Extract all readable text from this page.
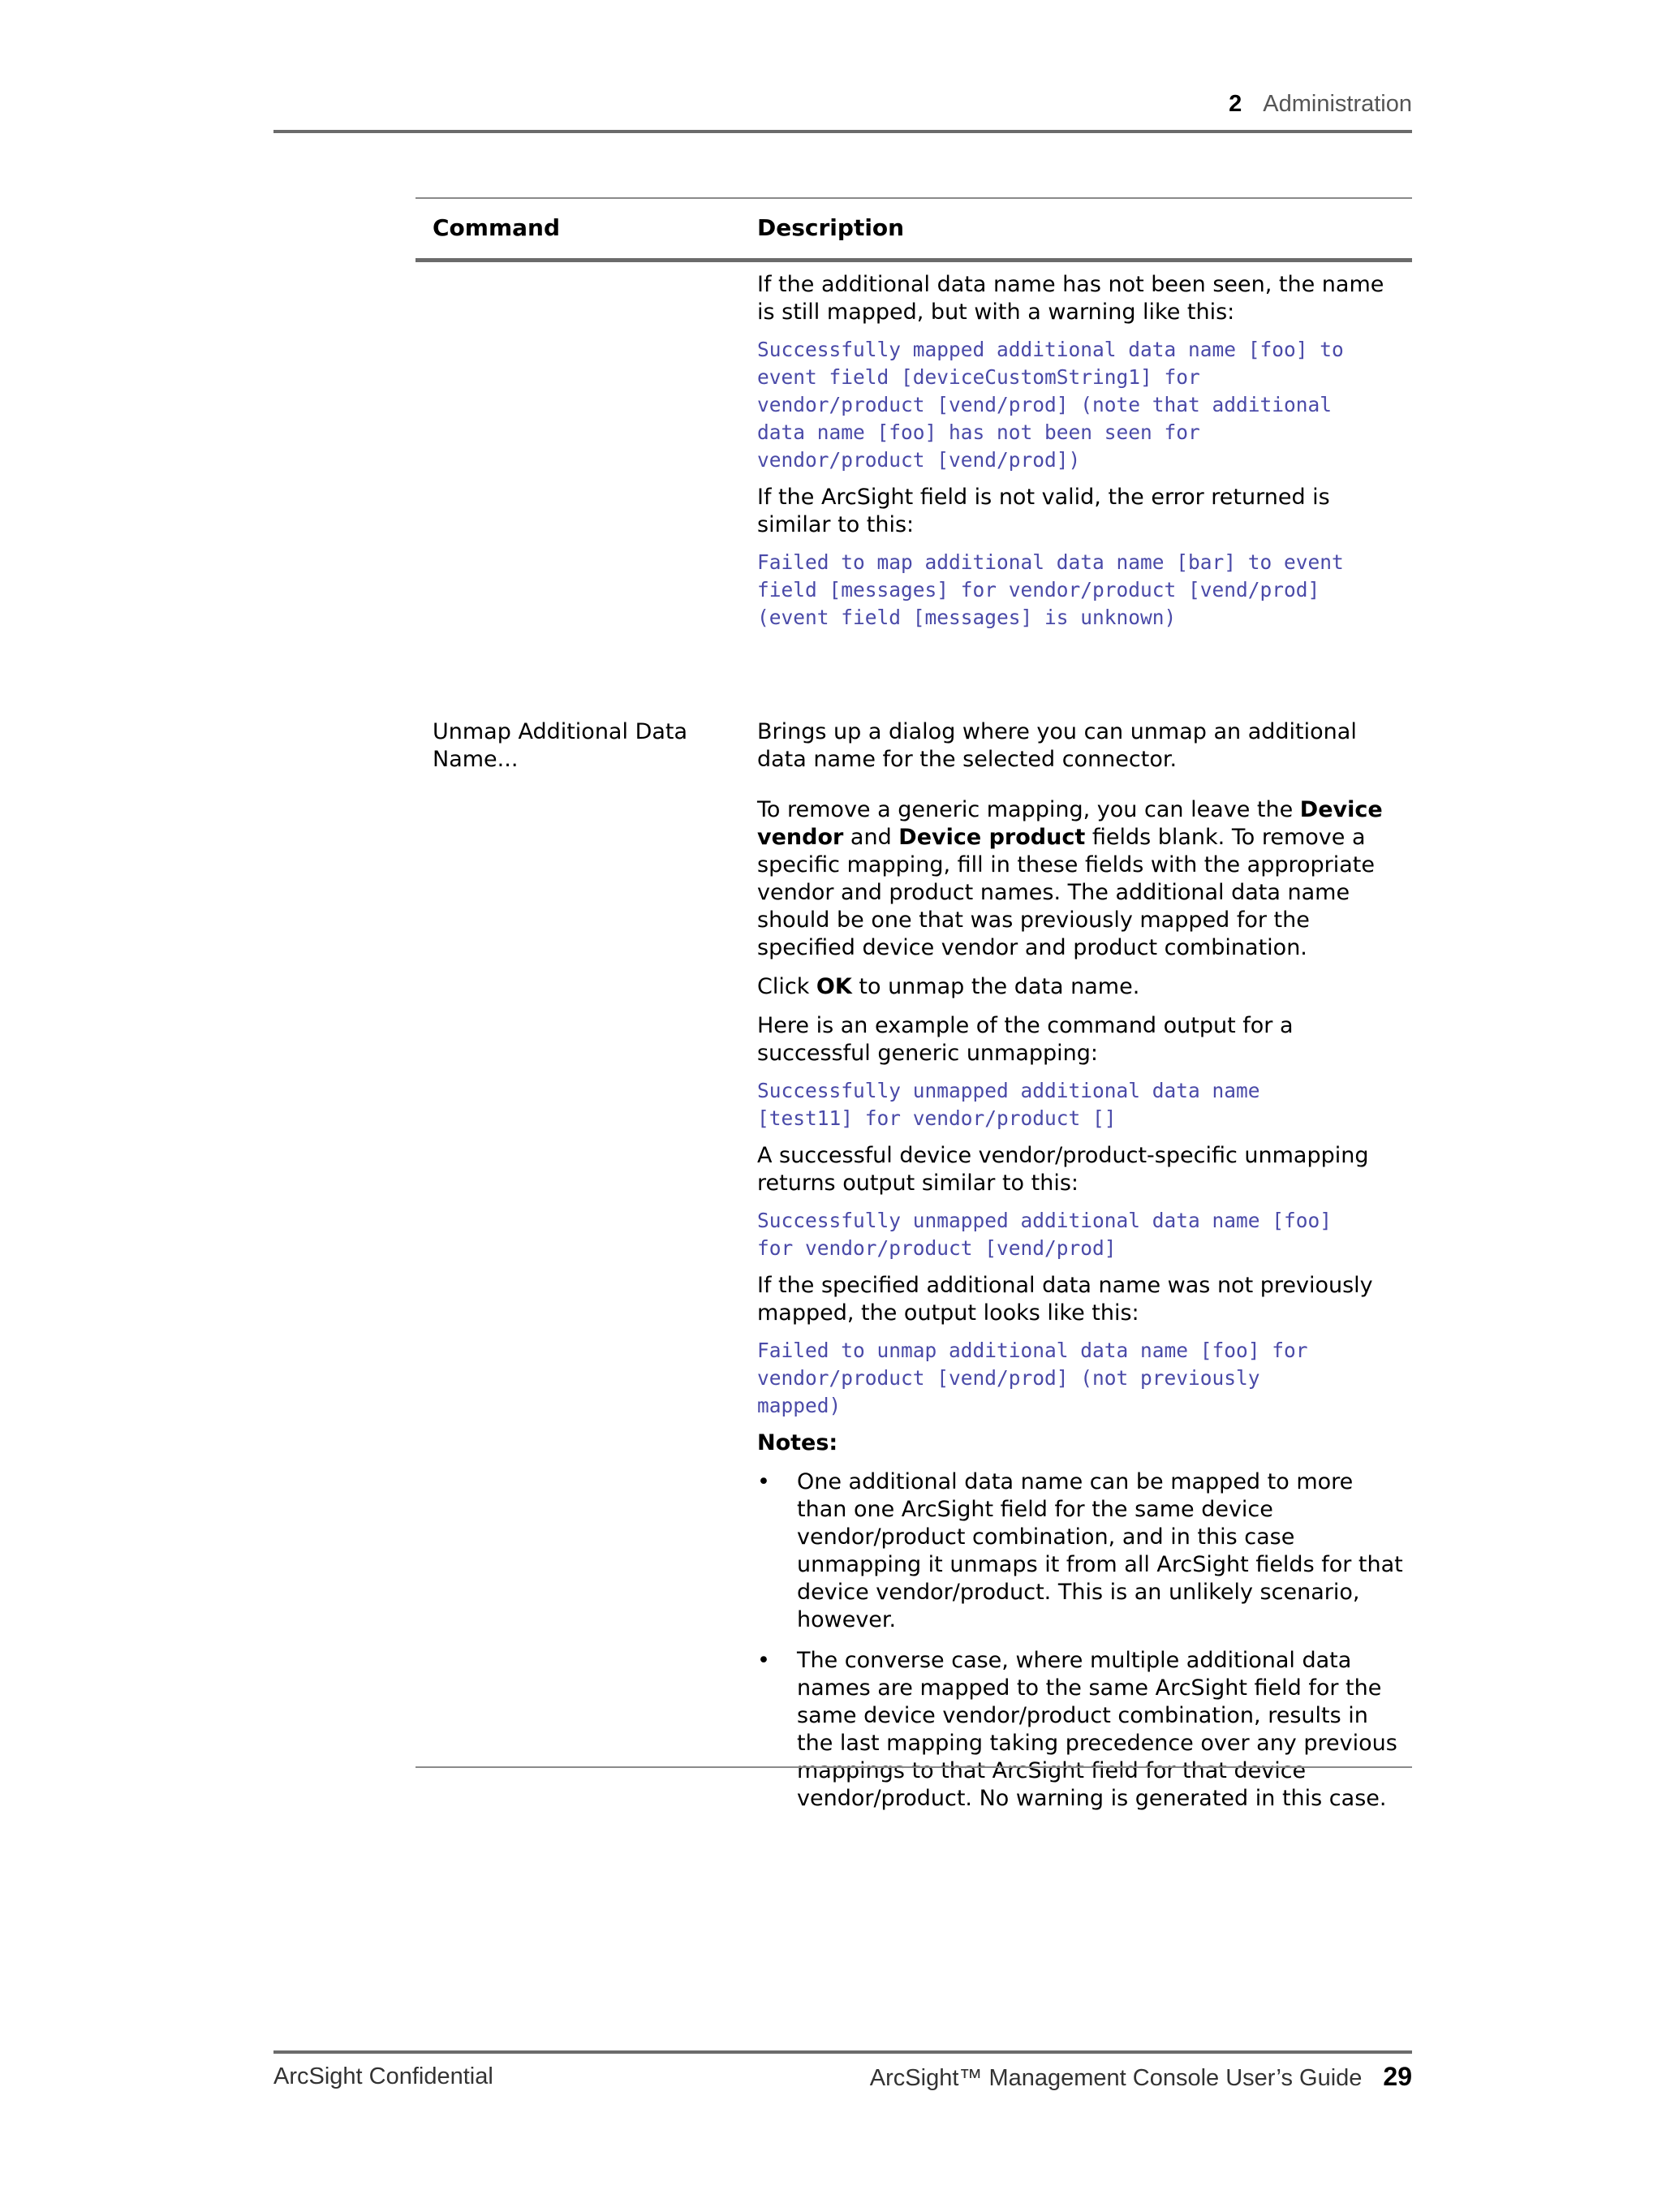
2 Administration
Command	Description

If the additional data name has not been seen, the name is still mapped, but with a warning like this:

Successfully mapped additional data name [foo] to
event field [deviceCustomString1] for
vendor/product [vend/prod] (note that additional
data name [foo] has not been seen for
vendor/product [vend/prod])

If the ArcSight field is not valid, the error returned is similar to this:

Failed to map additional data name [bar] to event
field [messages] for vendor/product [vend/prod]
(event field [messages] is unknown)

Unmap Additional Data
Name...

Brings up a dialog where you can unmap an additional data name for the selected connector.

To remove a generic mapping, you can leave the Device vendor and Device product fields blank. To remove a specific mapping, fill in these fields with the appropriate vendor and product names. The additional data name should be one that was previously mapped for the specified device vendor and product combination.

Click OK to unmap the data name.

Here is an example of the command output for a successful generic unmapping:

Successfully unmapped additional data name
[test11] for vendor/product []

A successful device vendor/product-specific unmapping returns output similar to this:

Successfully unmapped additional data name [foo]
for vendor/product [vend/prod]

If the specified additional data name was not previously mapped, the output looks like this:

Failed to unmap additional data name [foo] for
vendor/product [vend/prod] (not previously
mapped)

Notes:

• One additional data name can be mapped to more than one ArcSight field for the same device vendor/product combination, and in this case unmapping it unmaps it from all ArcSight fields for that device vendor/product. This is an unlikely scenario, however.
• The converse case, where multiple additional data names are mapped to the same ArcSight field for the same device vendor/product combination, results in the last mapping taking precedence over any previous mappings to that ArcSight field for that device vendor/product. No warning is generated in this case.
ArcSight Confidential	ArcSight™ Management Console User’s Guide 29
